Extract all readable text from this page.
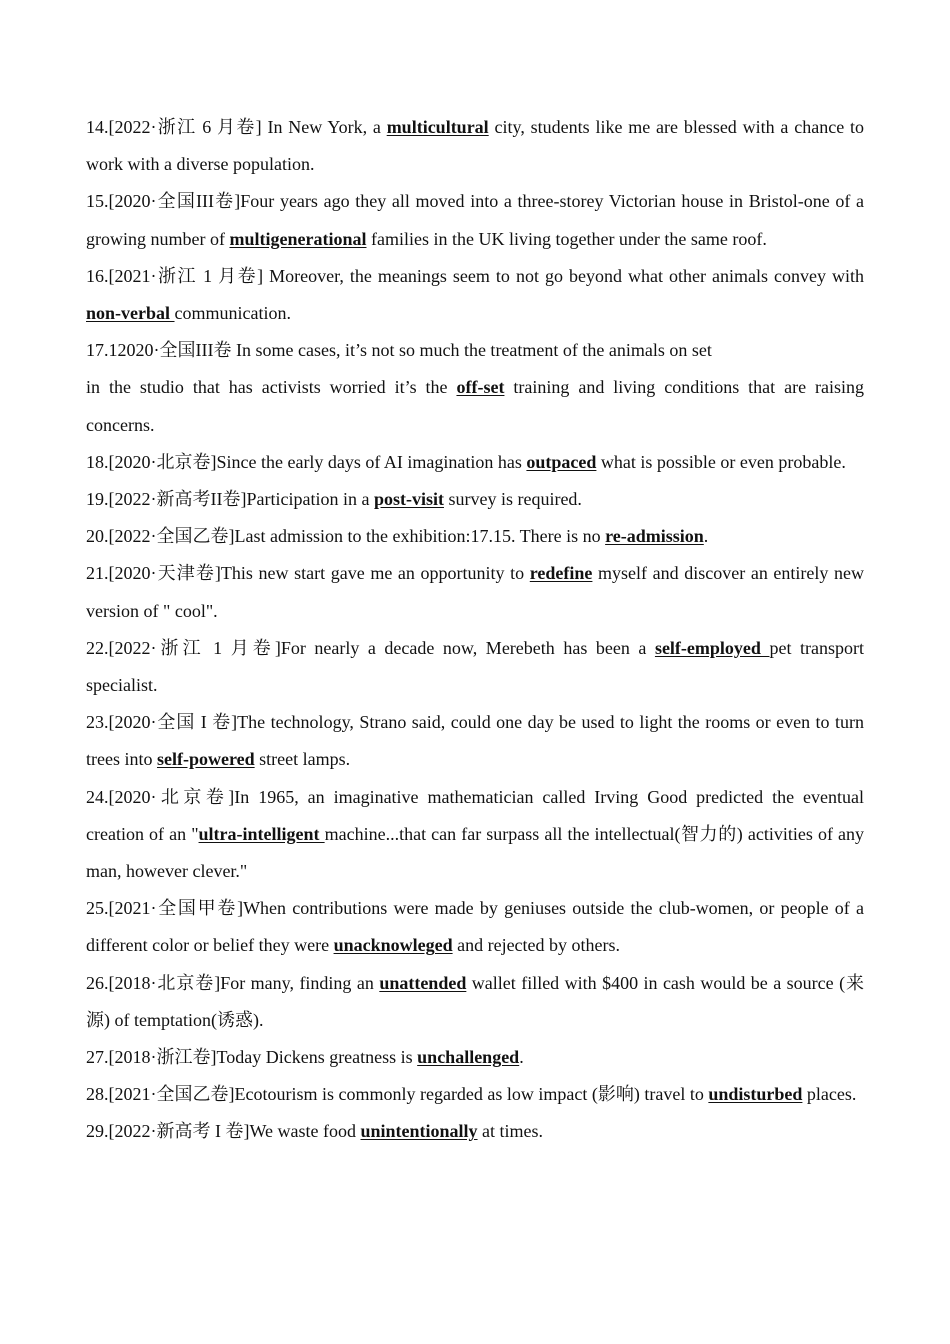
14.[2022·浙江 6 月卷] In New York, a multicultural city, students like me are blessed with a chance to work with a diverse population.

15.[2020·全国III卷]Four years ago they all moved into a three-storey Victorian house in Bristol-one of a growing number of multigenerational families in the UK living together under the same roof.

16.[2021·浙江 1 月卷] Moreover, the meanings seem to not go beyond what other animals convey with non-verbal communication.

17.12020·全国III卷 In some cases, it’s not so much the treatment of the animals on set
in the studio that has activists worried it’s the off-set training and living conditions that are raising concerns.

18.[2020·北京卷]Since the early days of AI imagination has outpaced what is possible or even probable.

19.[2022·新高考II卷]Participation in a post-visit survey is required.

20.[2022·全国乙卷]Last admission to the exhibition:17.15. There is no re-admission.

21.[2020·天津卷]This new start gave me an opportunity to redefine myself and discover an entirely new version of " cool".

22.[2022·浙江 1 月卷]For nearly a decade now, Merebeth has been a self-employed pet transport specialist.

23.[2020·全国 I 卷]The technology, Strano said, could one day be used to light the rooms or even to turn trees into self-powered street lamps.

24.[2020·北京卷]In 1965, an imaginative mathematician called Irving Good predicted the eventual creation of an "ultra-intelligent machine...that can far surpass all the intellectual(智力的) activities of any man, however clever."

25.[2021·全国甲卷]When contributions were made by geniuses outside the club-women, or people of a different color or belief they were unacknowleged and rejected by others.

26.[2018·北京卷]For many, finding an unattended wallet filled with $400 in cash would be a source (来源) of temptation(诱惑).

27.[2018·浙江卷]Today Dickens greatness is unchallenged.

28.[2021·全国乙卷]Ecotourism is commonly regarded as low impact (影响) travel to undisturbed places.

29.[2022·新高考 I 卷]We waste food unintentionally at times.
